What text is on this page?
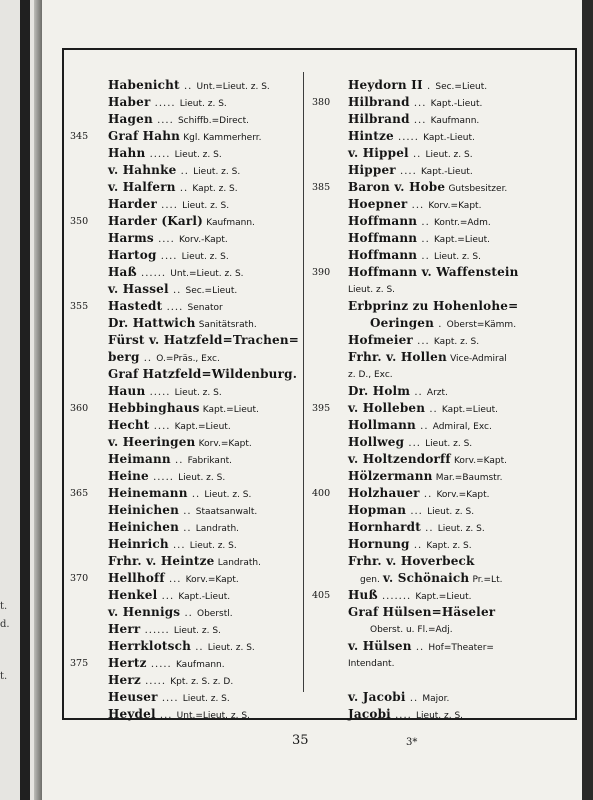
t.
d.
t.
Habenicht .. Unt.=Lieut. z. S.
Haber ..... Lieut. z. S.
Hagen .... Schiffb.=Direct.
345	Graf Hahn Kgl. Kammerherr.
Hahn ..... Lieut. z. S.
v. Hahnke .. Lieut. z. S.
v. Halfern .. Kapt. z. S.
Harder .... Lieut. z. S.
350	Harder (Karl) Kaufmann.
Harms .... Korv.-Kapt.
Hartog .... Lieut. z. S.
Haß ...... Unt.=Lieut. z. S.
v. Hassel .. Sec.=Lieut.
355	Hastedt .... Senator
Dr. Hattwich Sanitätsrath.
Fürst v. Hatzfeld=Trachen=
berg .. O.=Präs., Exc.
Graf Hatzfeld=Wildenburg.
Haun ..... Lieut. z. S.
360	Hebbinghaus Kapt.=Lieut.
Hecht .... Kapt.=Lieut.
v. Heeringen Korv.=Kapt.
Heimann .. Fabrikant.
Heine ..... Lieut. z. S.
365	Heinemann .. Lieut. z. S.
Heinichen .. Staatsanwalt.
Heinichen .. Landrath.
Heinrich ... Lieut. z. S.
Frhr. v. Heintze Landrath.
370	Hellhoff ... Korv.=Kapt.
Henkel ... Kapt.-Lieut.
v. Hennigs .. Oberstl.
Herr ...... Lieut. z. S.
Herrklotsch .. Lieut. z. S.
375	Hertz ..... Kaufmann.
Herz ..... Kpt. z. S. z. D.
Heuser .... Lieut. z. S.
Heydel ... Unt.=Lieut. z. S.
Heydorn II . Sec.=Lieut.
380	Hilbrand ... Kapt.-Lieut.
Hilbrand ... Kaufmann.
Hintze ..... Kapt.-Lieut.
v. Hippel .. Lieut. z. S.
Hipper .... Kapt.-Lieut.
385	Baron v. Hobe Gutsbesitzer.
Hoepner ... Korv.=Kapt.
Hoffmann .. Kontr.=Adm.
Hoffmann .. Kapt.=Lieut.
Hoffmann .. Lieut. z. S.
390	Hoffmann v. Waffenstein
Lieut. z. S.
Erbprinz zu Hohenlohe=
Oeringen . Oberst=Kämm.
Hofmeier ... Kapt. z. S.
Frhr. v. Hollen Vice-Admiral
z. D., Exc.
Dr. Holm .. Arzt.
395	v. Holleben .. Kapt.=Lieut.
Hollmann .. Admiral, Exc.
Hollweg ... Lieut. z. S.
v. Holtzendorff Korv.=Kapt.
Hölzermann Mar.=Baumstr.
400	Holzhauer .. Korv.=Kapt.
Hopman ... Lieut. z. S.
Hornhardt .. Lieut. z. S.
Hornung .. Kapt. z. S.
Frhr. v. Hoverbeck
gen. v. Schönaich Pr.=Lt.
405	Huß ....... Kapt.=Lieut.
Graf Hülsen=Häseler
Oberst. u. Fl.=Adj.
v. Hülsen .. Hof=Theater=
Intendant.
v. Jacobi .. Major.
Jacobi .... Lieut. z. S.
35	3*
